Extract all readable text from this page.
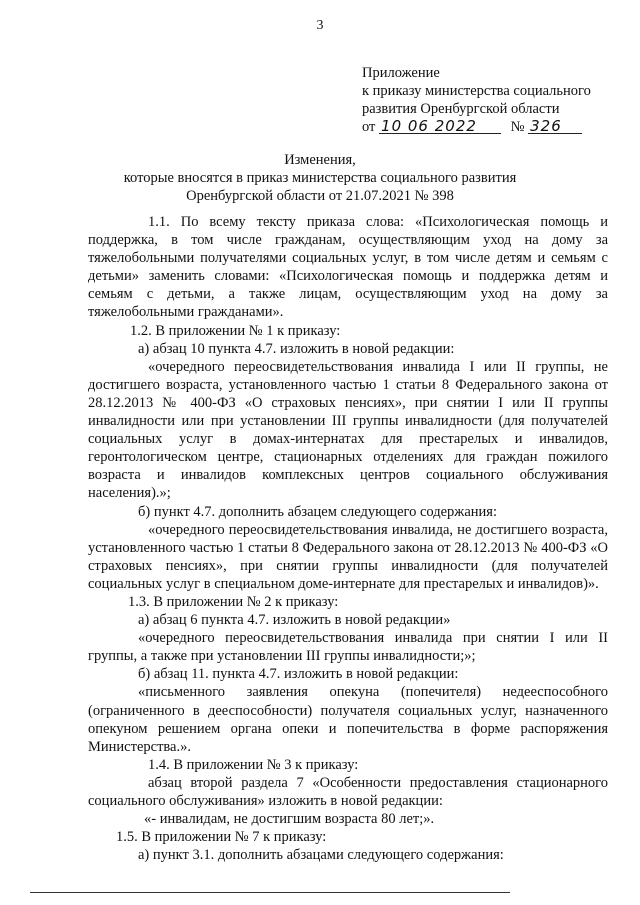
3
Приложение
к приказу министерства социального
развития Оренбургской области
от 10 06 2022 № 326
Изменения,
которые вносятся в приказ министерства социального развития
Оренбургской области от 21.07.2021 № 398

1.1. По всему тексту приказа слова: «Психологическая помощь и поддержка, в том числе гражданам, осуществляющим уход на дому за тяжелобольными получателями социальных услуг, в том числе детям и семьям с детьми» заменить словами: «Психологическая помощь и поддержка детям и семьям с детьми, а также лицам, осуществляющим уход на дому за тяжелобольными гражданами».

1.2. В приложении № 1 к приказу:

а) абзац 10 пункта 4.7. изложить в новой редакции:

«очередного переосвидетельствования инвалида I или II группы, не достигшего возраста, установленного частью 1 статьи 8 Федерального закона от 28.12.2013 № 400-ФЗ «О страховых пенсиях», при снятии I или II группы инвалидности или при установлении III группы инвалидности (для получателей социальных услуг в домах-интернатах для престарелых и инвалидов, геронтологическом центре, стационарных отделениях для граждан пожилого возраста и инвалидов комплексных центров социального обслуживания населения).»;

б) пункт 4.7. дополнить абзацем следующего содержания:

«очередного переосвидетельствования инвалида, не достигшего возраста, установленного частью 1 статьи 8 Федерального закона от 28.12.2013 № 400-ФЗ «О страховых пенсиях», при снятии группы инвалидности (для получателей социальных услуг в специальном доме-интернате для престарелых и инвалидов)».

1.3. В приложении № 2 к приказу:

а) абзац 6 пункта 4.7. изложить в новой редакции»

«очередного переосвидетельствования инвалида при снятии I или II группы, а также при установлении III группы инвалидности;»;

б) абзац 11. пункта 4.7. изложить в новой редакции:

«письменного заявления опекуна (попечителя) недееспособного (ограниченного в дееспособности) получателя социальных услуг, назначенного опекуном решением органа опеки и попечительства в форме распоряжения Министерства.».

1.4. В приложении № 3 к приказу:

абзац второй раздела 7 «Особенности предоставления стационарного социального обслуживания» изложить в новой редакции:

«- инвалидам, не достигшим возраста 80 лет;».

1.5. В приложении № 7 к приказу:

а) пункт 3.1. дополнить абзацами следующего содержания:
